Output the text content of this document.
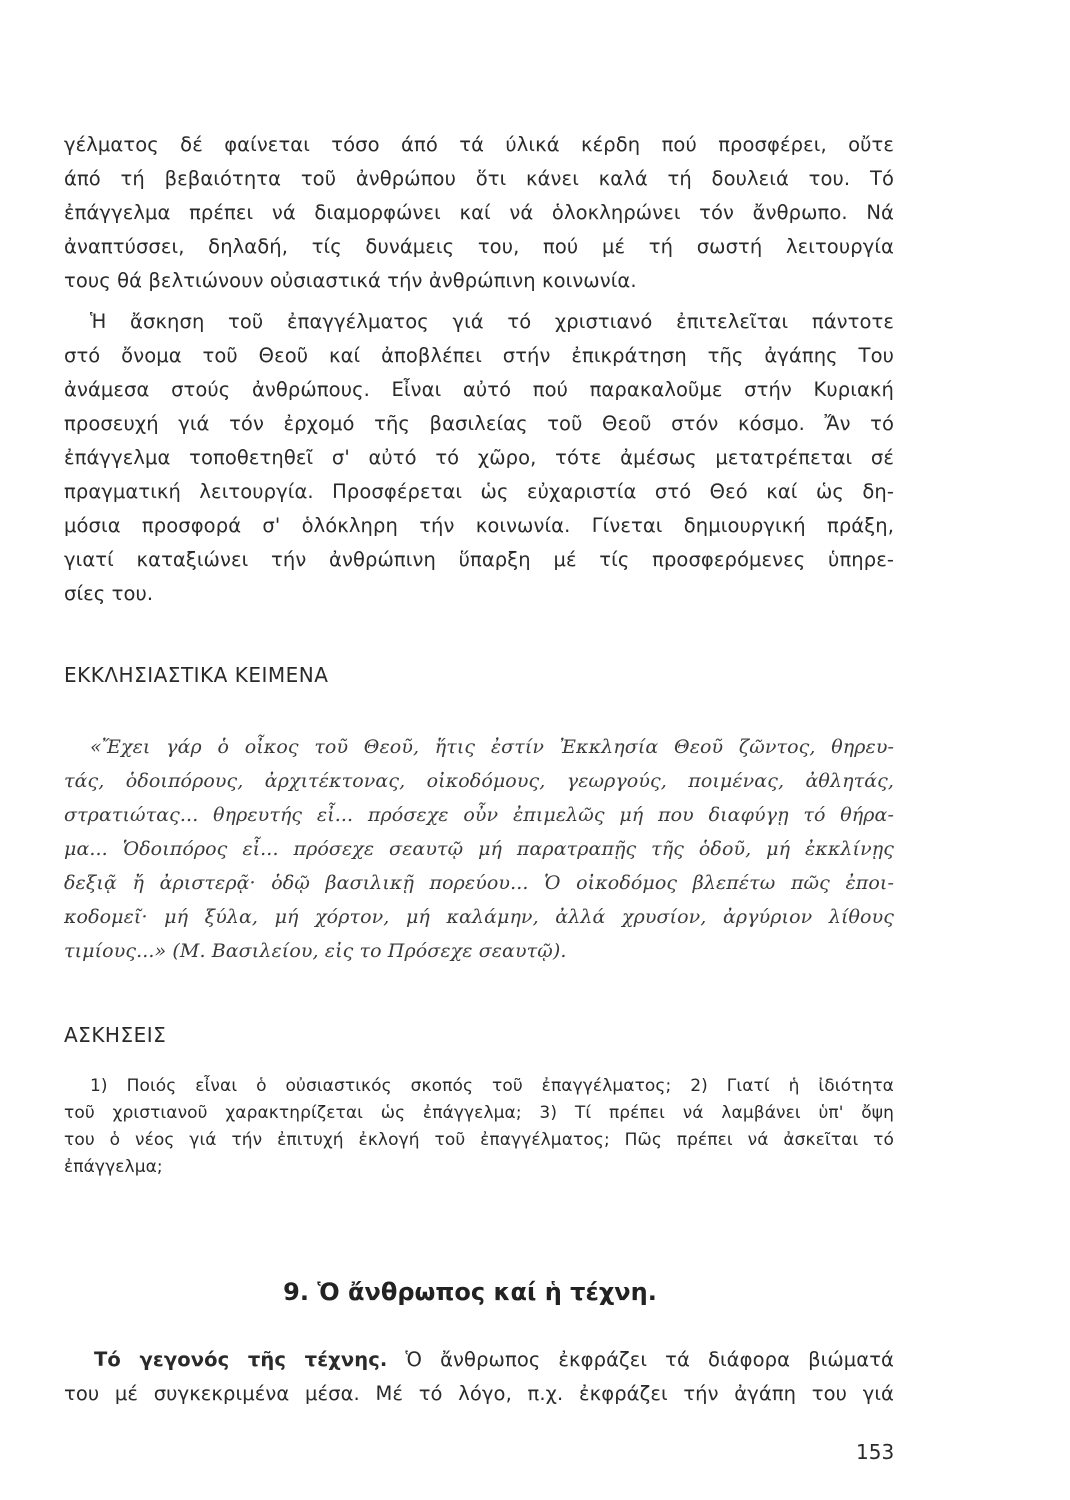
γέλματος δέ φαίνεται τόσο άπό τά ύλικά κέρδη πού προσφέρει, οὔτε
άπό τή βεβαιότητα τοῦ ἀνθρώπου ὅτι κάνει καλά τή δουλειά του. Τό
ἐπάγγελμα πρέπει νά διαμορφώνει καί νά ὁλοκληρώνει τόν ἄνθρωπο. Νά
ἀναπτύσσει, δηλαδή, τίς δυνάμεις του, πού μέ τή σωστή λειτουργία
τους θά βελτιώνουν οὐσιαστικά τήν ἀνθρώπινη κοινωνία.
Ἡ ἄσκηση τοῦ ἐπαγγέλματος γιά τό χριστιανό ἐπιτελεῖται πάντοτε
στό ὄνομα τοῦ Θεοῦ καί ἀποβλέπει στήν ἐπικράτηση τῆς ἀγάπης Του
ἀνάμεσα στούς ἀνθρώπους. Εἶναι αὐτό πού παρακαλοῦμε στήν Κυριακή
προσευχή γιά τόν ἐρχομό τῆς βασιλείας τοῦ Θεοῦ στόν κόσμο. Ἄν τό
ἐπάγγελμα τοποθετηθεῖ σ' αὐτό τό χῶρο, τότε ἀμέσως μετατρέπεται σέ
πραγματική λειτουργία. Προσφέρεται ὡς εὐχαριστία στό Θεό καί ὡς δη-
μόσια προσφορά σ' ὁλόκληρη τήν κοινωνία. Γίνεται δημιουργική πράξη,
γιατί καταξιώνει τήν ἀνθρώπινη ὕπαρξη μέ τίς προσφερόμενες ὑπηρε-
σίες του.
ΕΚΚΛΗΣΙΑΣΤΙΚΑ ΚΕΙΜΕΝΑ
«Ἔχει γάρ ὁ οἶκος τοῦ Θεοῦ, ἥτις ἐστίν Ἐκκλησία Θεοῦ ζῶντος, θηρευ-
τάς, ὁδοιπόρους, ἀρχιτέκτονας, οἰκοδόμους, γεωργούς, ποιμένας, ἀθλητάς,
στρατιώτας... θηρευτής εἶ... πρόσεχε οὖν ἐπιμελῶς μή που διαφύγῃ τό θήρα-
μα... Ὁδοιπόρος εἶ... πρόσεχε σεαυτῷ μή παρατραπῇς τῆς ὁδοῦ, μή ἐκκλίνῃς
δεξιᾷ ἤ ἀριστερᾷ· ὁδῷ βασιλικῇ πορεύου... Ὁ οἰκοδόμος βλεπέτω πῶς ἐποι-
κοδομεῖ· μή ξύλα, μή χόρτον, μή καλάμην, ἀλλά χρυσίον, ἀργύριον λίθους
τιμίους...» (Μ. Βασιλείου, εἰς το Πρόσεχε σεαυτῷ).
ΑΣΚΗΣΕΙΣ
1) Ποιός εἶναι ὁ οὐσιαστικός σκοπός τοῦ ἐπαγγέλματος; 2) Γιατί ἡ ἰδιότητα
τοῦ χριστιανοῦ χαρακτηρίζεται ὡς ἐπάγγελμα; 3) Τί πρέπει νά λαμβάνει ὑπ' ὄψη
του ὁ νέος γιά τήν ἐπιτυχή ἐκλογή τοῦ ἐπαγγέλματος; Πῶς πρέπει νά ἀσκεῖται τό
ἐπάγγελμα;
9. Ὁ ἄνθρωπος καί ἡ τέχνη.
Τό γεγονός τῆς τέχνης. Ὁ ἄνθρωπος ἐκφράζει τά διάφορα βιώματά
του μέ συγκεκριμένα μέσα. Μέ τό λόγο, π.χ. ἐκφράζει τήν ἀγάπη του γιά
153
